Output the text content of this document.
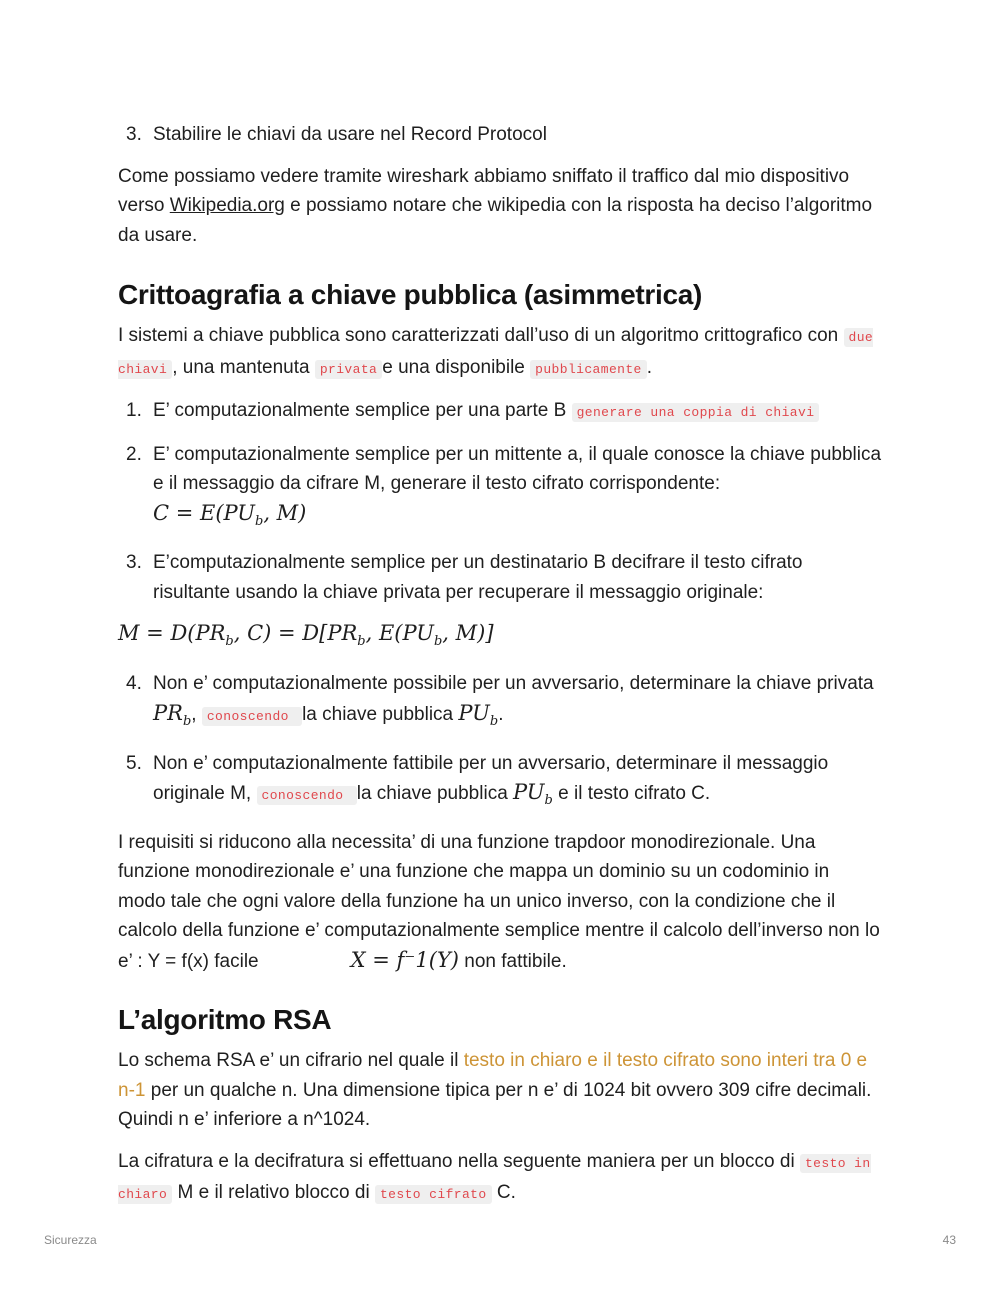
3. Stabilire le chiavi da usare nel Record Protocol

Come possiamo vedere tramite wireshark abbiamo sniffato il traffico dal mio dispositivo verso Wikipedia.org e possiamo notare che wikipedia con la risposta ha deciso l’algoritmo da usare.

Crittoagrafia a chiave pubblica (asimmetrica)

I sistemi a chiave pubblica sono caratterizzati dall’uso di un algoritmo crittografico con due chiavi , una mantenuta privata e una disponibile pubblicamente .

1. E’ computazionalmente semplice per una parte B generare una coppia di chiavi
2. E’ computazionalmente semplice per un mittente a, il quale conosce la chiave pubblica e il messaggio da cifrare M, generare il testo cifrato corrispondente:
$C = E(PU_b$, M)
3. E’computazionalmente semplice per un destinatario B decifrare il testo cifrato risultante usando la chiave privata per recuperare il messaggio originale:

$M = D(PR_b$, $C) = D[PR_b$, $E(PU_b$, M)]

4. Non e’ computazionalmente possibile per un avversario, determinare la chiave privata $PR_b$, conoscendo la chiave pubblica $PU_b$.
5. Non e’ computazionalmente fattibile per un avversario, determinare il messaggio originale M, conoscendo la chiave pubblica $PU_b$ e il testo cifrato C.

I requisiti si riducono alla necessita’ di una funzione trapdoor monodirezionale. Una funzione monodirezionale e’ una funzione che mappa un dominio su un codominio in modo tale che ogni valore della funzione ha un unico inverso, con la condizione che il calcolo della funzione e’ computazionalmente semplice mentre il calcolo dell’inverso non lo e’ : Y = f(x) facile	X = f⁻1(Y) non fattibile.

L’algoritmo RSA

Lo schema RSA e’ un cifrario nel quale il testo in chiaro e il testo cifrato sono interi tra 0 e n-1 per un qualche n. Una dimensione tipica per n e’ di 1024 bit ovvero 309 cifre decimali. Quindi n e’ inferiore a n^1024.

La cifratura e la decifratura si effettuano nella seguente maniera per un blocco di testo in chiaro M e il relativo blocco di testo cifrato C.

Sicurezza	43
